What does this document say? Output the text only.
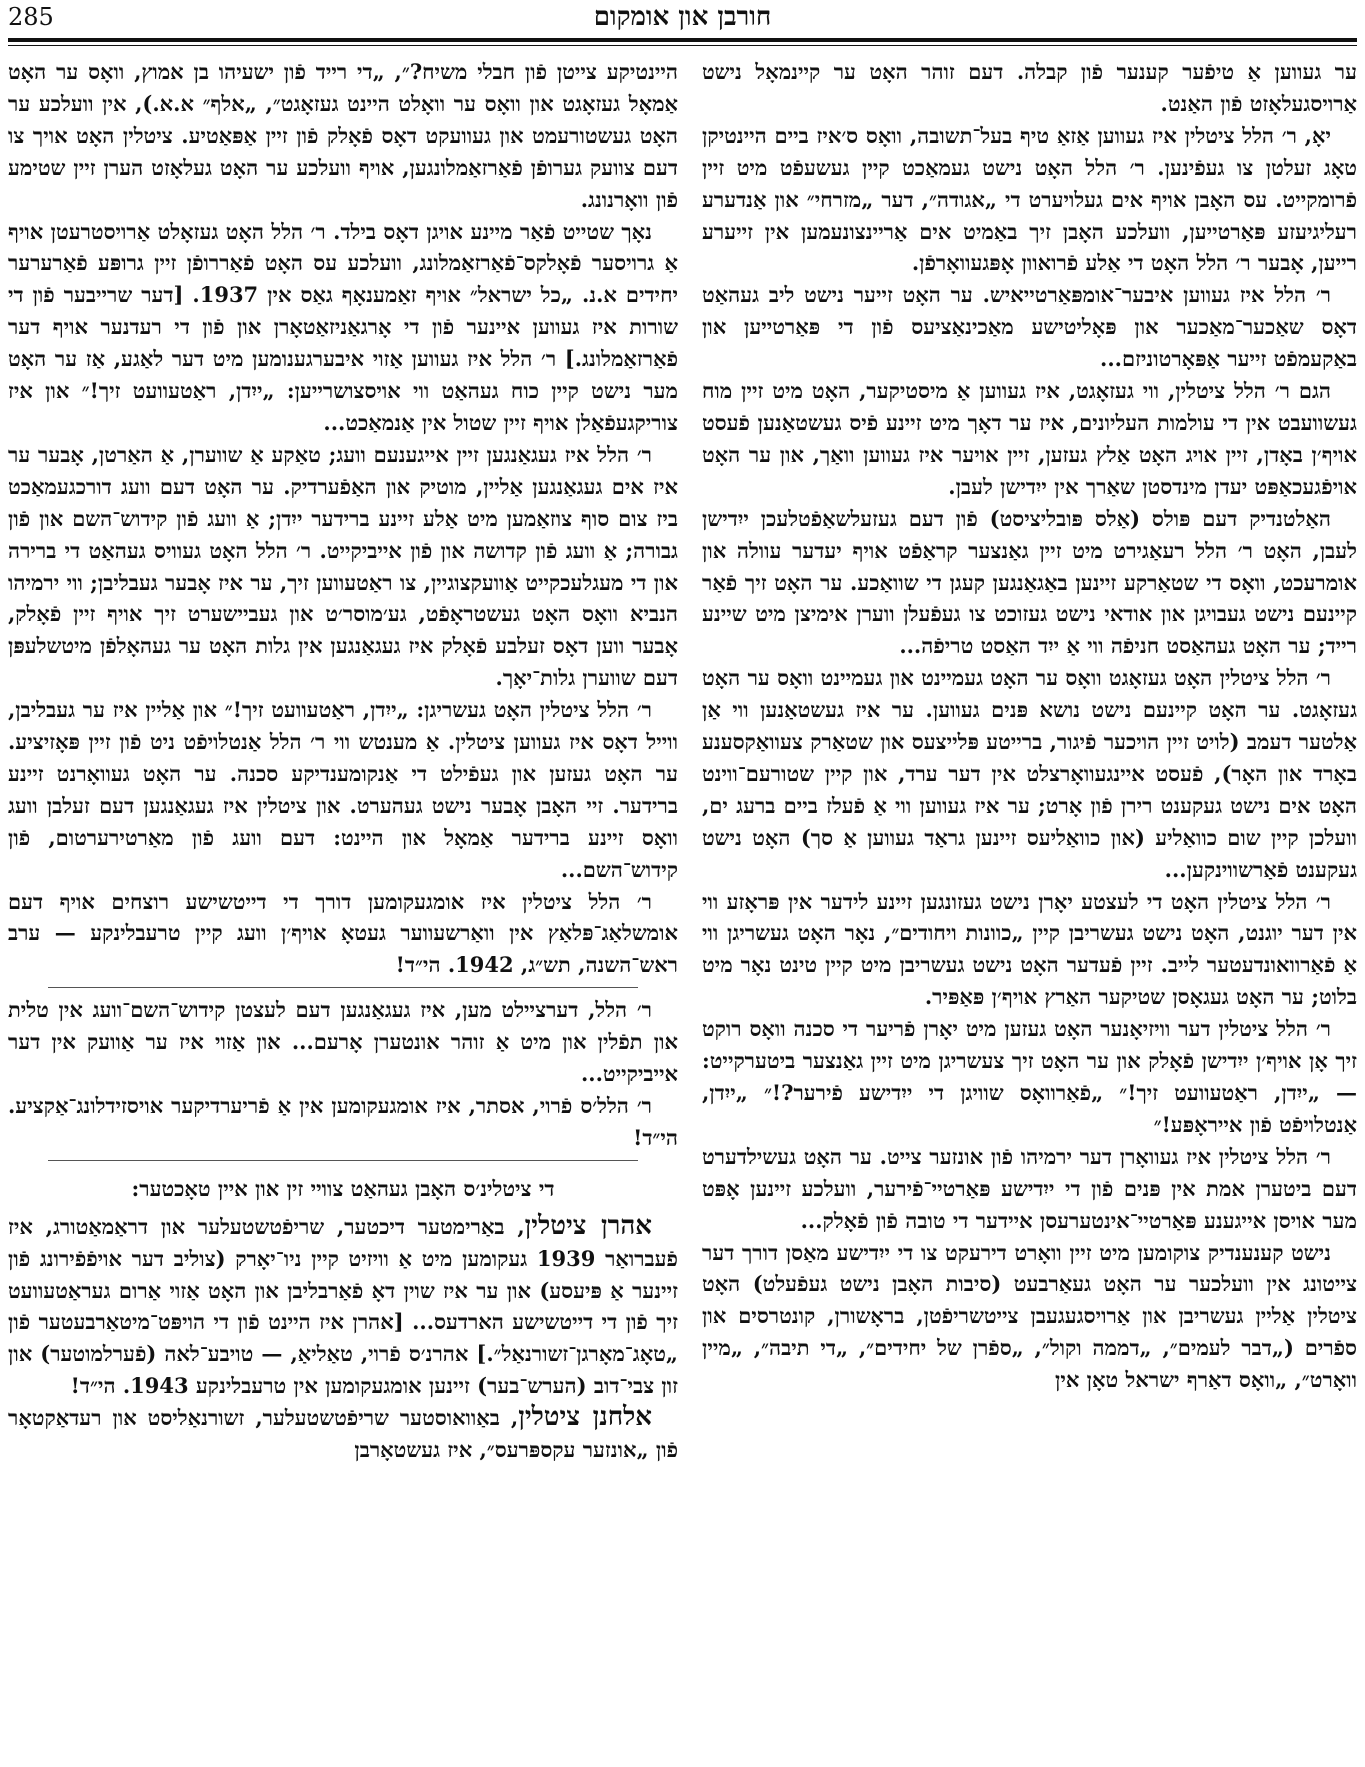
285	חורבן און אומקום

ער געווען אַ טיפֿער קענער פֿון קבלה. דעם זוהר האָט ער קיינמאָל נישט אַרויסגעלאָזט פֿון האַנט.

יאָ, ר׳ הלל ציטלין איז געווען אַזאַ טיף בעל־תשובה, וואָס ס׳איז ביים היינטיקן טאָג זעלטן צו געפֿינען. ר׳ הלל האָט נישט געמאַכט קיין געשעפֿט מיט זיין פֿרומקייט. עס האָבן אויף אים געלויערט די „אגודה״, דער „מזרחי״ און אַנדערע רעליגיעזע פּאַרטייען, וועלכע האָבן זיך באַמיט אים אַריינצונעמען אין זייערע רייען, אָבער ר׳ הלל האָט די אַלע פֿרואוון אָפּגעוואָרפֿן.

ר׳ הלל איז געווען איבער־אומפּאַרטייאיש. ער האָט זייער נישט ליב געהאַט דאָס שאַכער־מאַכער און פּאָליטישע מאַכינאַציעס פֿון די פּאַרטייען און באַקעמפֿט זייער אַפּאָרטוניזם...

הגם ר׳ הלל ציטלין, ווי געזאָגט, איז געווען אַ מיסטיקער, האָט מיט זיין מוח געשוועבט אין די עולמות העליונים, איז ער דאָך מיט זיינע פֿיס געשטאַנען פֿעסט אויף׳ן באָדן, זיין אויג האָט אַלץ געזען, זיין אויער איז געווען וואַך, און ער האָט אויפֿגעכאַפּט יעדן מינדסטן שאַרך אין ייִדישן לעבן.

האַלטנדיק דעם פּולס (אַלס פּובליציסט) פֿון דעם געזעלשאַפֿטלעכן ייִדישן לעבן, האָט ר׳ הלל רעאַגירט מיט זיין גאַנצער קראַפֿט אויף יעדער עוולה און אומרעכט, וואָס די שטאַרקע זיינען באַגאַנגען קעגן די שוואַכע. ער האָט זיך פֿאַר קיינעם נישט געבויגן און אודאי נישט געזוכט צו געפֿעלן ווערן אימיצן מיט שיינע רייד; ער האָט געהאַסט חניפֿה ווי אַ ייִד האַסט טריפֿה...

ר׳ הלל ציטלין האָט געזאָגט וואָס ער האָט געמיינט און געמיינט וואָס ער האָט געזאָגט. ער האָט קיינעם נישט נושא פּנים געווען. ער איז געשטאַנען ווי אַן אַלטער דעמב (לויט זיין הויכער פֿיגור, ברייטע פּלייצעס און שטאַרק צעוואַקסענע באָרד און האָר), פֿעסט איינגעוואָרצלט אין דער ערד, און קיין שטורעם־ווינט האָט אים נישט געקענט רירן פֿון אָרט; ער איז געווען ווי אַ פֿעלז ביים ברעג ים, וועלכן קיין שום כוואַליע (און כוואַליעס זיינען גראַד געווען אַ סך) האָט נישט געקענט פֿאַרשווינקען...

ר׳ הלל ציטלין האָט די לעצטע יאָרן נישט געזונגען זיינע לידער אין פּראָזע ווי אין דער יוגנט, האָט נישט געשריבן קיין „כוונות ויחודים״, נאָר האָט געשריגן ווי אַ פֿאַרוואונדעטער לייב. זיין פֿעדער האָט נישט געשריבן מיט קיין טינט נאָר מיט בלוט; ער האָט געגאָסן שטיקער האַרץ אויף׳ן פּאַפּיר.

ר׳ הלל ציטלין דער וויזיאָנער האָט געזען מיט יאָרן פֿריער די סכנה וואָס רוקט זיך אָן אויף׳ן ייִדישן פֿאָלק און ער האָט זיך צעשריגן מיט זיין גאַנצער ביטערקייט: — „ייִדן, ראַטעוועט זיך!״ „פֿאַרוואָס שוויגן די ייִדישע פֿירער?!״ „ייִדן, אַנטלויפֿט פֿון אייראָפּע!״

ר׳ הלל ציטלין איז געוואָרן דער ירמיהו פֿון אונזער צייט. ער האָט געשילדערט דעם ביטערן אמת אין פּנים פֿון די ייִדישע פּאַרטיי־פֿירער, וועלכע זיינען אָפּט מער אויסן אייגענע פּאַרטיי־אינטערעסן איידער די טובה פֿון פֿאָלק...

נישט קענענדיק צוקומען מיט זיין וואָרט דירעקט צו די ייִדישע מאַסן דורך דער צייטונג אין וועלכער ער האָט געאַרבעט (סיבות האָבן נישט געפֿעלט) האָט ציטלין אַליין געשריבן און אַרויסגעגעבן צייטשריפֿטן, בראָשורן, קונטרסים און ספֿרים („דבר לעמים״, „דממה וקול״, „ספֿרן של יחידים״, „די תיבה״, „מיין וואָרט״, „וואָס דאַרף ישראל טאָן אין

היינטיקע צייטן פֿון חבלי משיח?״, „די רייד פֿון ישעיהו בן אמוץ, וואָס ער האָט אַמאָל געזאָגט און וואָס ער וואָלט היינט געזאָגט״, „אלף״ א.א.), אין וועלכע ער האָט געשטורעמט און געוועקט דאָס פֿאָלק פֿון זיין אַפּאַטיע. ציטלין האָט אויך צו דעם צוועק גערופֿן פֿאַרזאַמלונגען, אויף וועלכע ער האָט געלאָזט הערן זיין שטימע פֿון וואָרנונג.

נאָך שטייט פֿאַר מיינע אויגן דאָס בילד. ר׳ הלל האָט געזאָלט אַרויסטרעטן אויף אַ גרויסער פֿאָלקס־פֿאַרזאַמלונג, וועלכע עס האָט פֿאַררופֿן זיין גרופּע פֿאַרערער יחידים א.נ. „כל ישראל״ אויף זאַמענאָף גאַס אין 1937. [דער שרייבער פֿון די שורות איז געווען איינער פֿון די אָרגאַניזאַטאָרן און פֿון די רעדנער אויף דער פֿאַרזאַמלונג.] ר׳ הלל איז געווען אַזוי איבערגענומען מיט דער לאַגע, אַז ער האָט מער נישט קיין כוח געהאַט ווי אויסצושרייען: „ייִדן, ראַטעוועט זיך!״ און איז צוריקגעפֿאַלן אויף זיין שטול אין אַנמאַכט...

ר׳ הלל איז געגאַנגען זיין אייגענעם וועג; טאַקע אַ שווערן, אַ האַרטן, אָבער ער איז אים געגאַנגען אַליין, מוטיק און האַפֿערדיק. ער האָט דעם וועג דורכגעמאַכט ביז צום סוף צוזאַמען מיט אַלע זיינע ברידער ייִדן; אַ וועג פֿון קידוש־השם און פֿון גבורה; אַ וועג פֿון קדושה און פֿון אייביקייט. ר׳ הלל האָט געוויס געהאַט די ברירה און די מעגלעכקייט אַוועקצוגיין, צו ראַטעווען זיך, ער איז אָבער געבליבן; ווי ירמיהו הנביא וואָס האָט געשטראָפֿט, גע׳מוסר׳ט און געביישערט זיך אויף זיין פֿאָלק, אָבער ווען דאָס זעלבע פֿאָלק איז געגאַנגען אין גלות האָט ער געהאָלפֿן מיטשלעפּן דעם שווערן גלות־יאָך.

ר׳ הלל ציטלין האָט געשריגן: „ייִדן, ראַטעוועט זיך!״ און אַליין איז ער געבליבן, ווייל דאָס איז געווען ציטלין. אַ מענטש ווי ר׳ הלל אַנטלויפֿט ניט פֿון זיין פּאָזיציע. ער האָט געזען און געפֿילט די אַנקומענדיקע סכנה. ער האָט געוואָרנט זיינע ברידער. זיי האָבן אָבער נישט געהערט. און ציטלין איז געגאַנגען דעם זעלבן וועג וואָס זיינע ברידער אַמאָל און היינט: דעם וועג פֿון מאַרטירערטום, פֿון קידוש־השם...

ר׳ הלל ציטלין איז אומגעקומען דורך די דייטשישע רוצחים אויף דעם אומשלאַג־פּלאַץ אין וואַרשעווער געטאָ אויף׳ן וועג קיין טרעבלינקע — ערב ראש־השנה, תש״ג, 1942. הי״ד!

ר׳ הלל, דערציילט מען, איז געגאַנגען דעם לעצטן קידוש־השם־וועג אין טלית און תפֿלין און מיט אַ זוהר אונטערן אָרעם... און אַזוי איז ער אַוועק אין דער אייביקייט...

ר׳ הלל׳ס פֿרוי, אסתר, איז אומגעקומען אין אַ פֿריערדיקער אויסזידלונג־אַקציע. הי״ד!

די ציטלינ׳ס האָבן געהאַט צוויי זין און איין טאָכטער:

אהרן ציטלין, באַרימטער דיכטער, שריפֿטשטעלער און דראַמאַטורג, איז פֿעברואַר 1939 געקומען מיט אַ וויזיט קיין ניו־יאָרק (צוליב דער אויפֿפֿירונג פֿון זיינער אַ פּיעסע) און ער איז שוין דאָ פֿאַרבליבן און האָט אַזוי אַרום געראַטעוועט זיך פֿון די דייטשישע הארדעס... [אהרן איז היינט פֿון די הויפּט־מיטאַרבעטער פֿון „טאָג־מאָרגן־זשורנאַל״.] אהרנ׳ס פֿרוי, טאַליאַ, — טויבע־לאה (פֿערלמוטער) און זון צבי־דוב (הערש־בער) זיינען אומגעקומען אין טרעבלינקע 1943. הי״ד!

אלחנן ציטלין, באַוואוסטער שריפֿטשטעלער, זשורנאַליסט און רעדאַקטאָר פֿון „אונזער עקספּרעס״, איז געשטאָרבן
